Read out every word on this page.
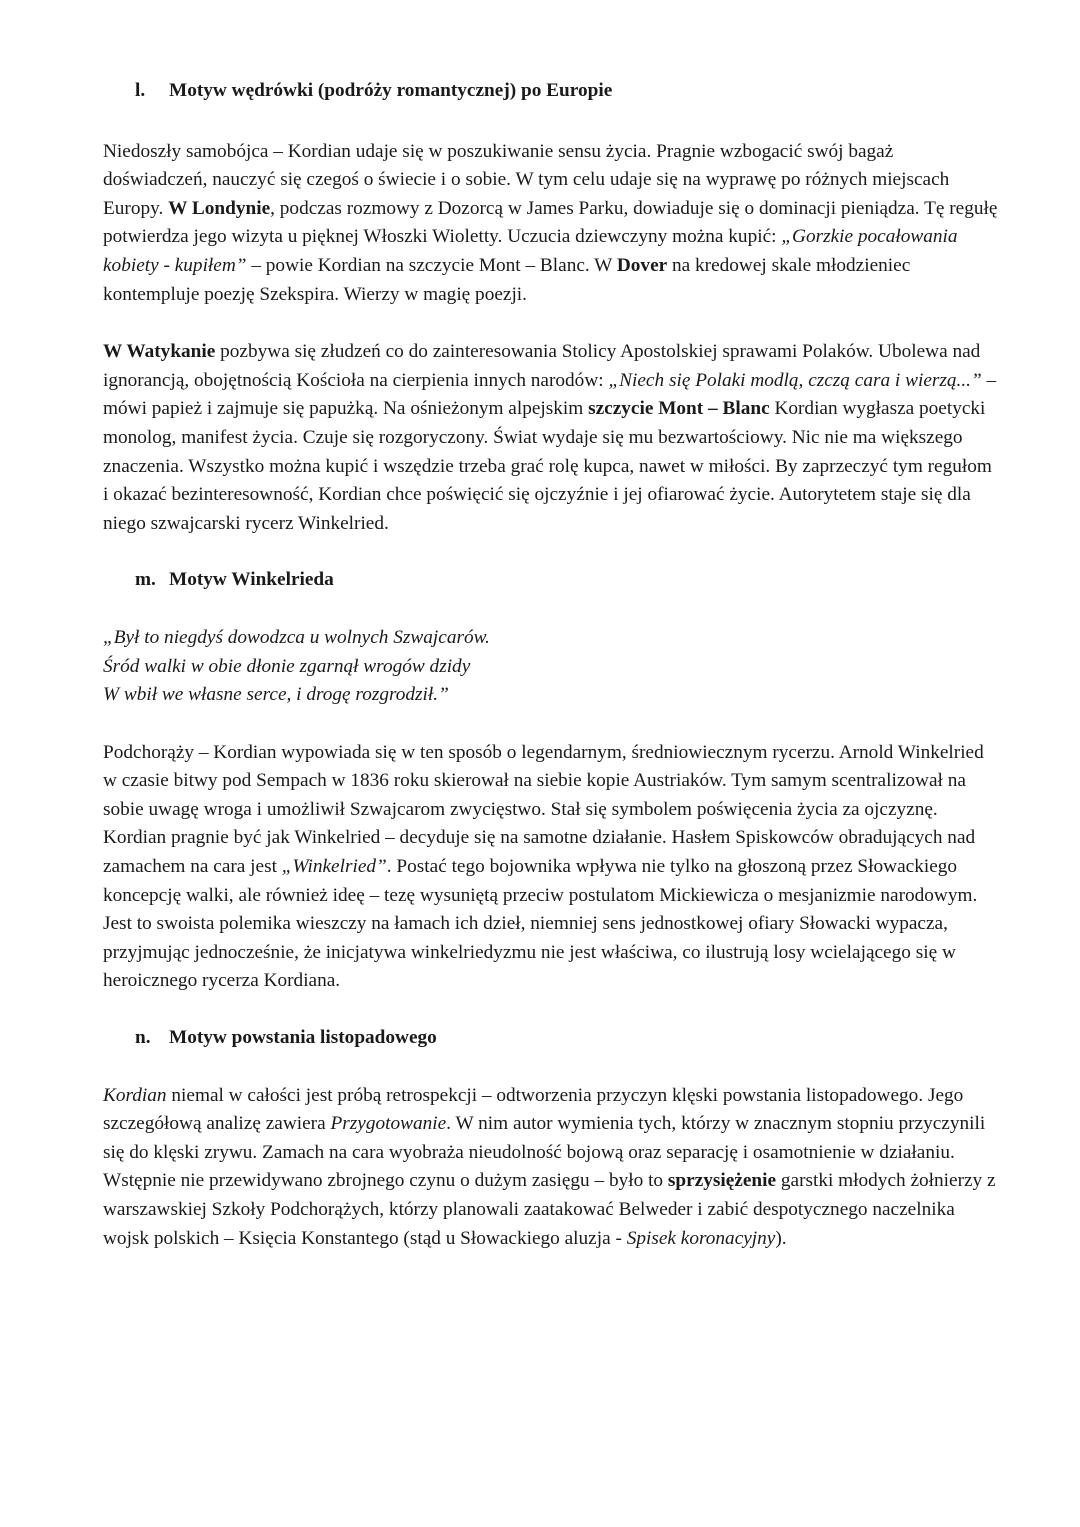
l.	Motyw wędrówki (podróży romantycznej) po Europie

Niedoszły samobójca – Kordian udaje się w poszukiwanie sensu życia. Pragnie wzbogacić swój bagaż doświadczeń, nauczyć się czegoś o świecie i o sobie. W tym celu udaje się na wyprawę po różnych miejscach Europy. W Londynie, podczas rozmowy z Dozorcą w James Parku, dowiaduje się o dominacji pieniądza. Tę regułę potwierdza jego wizyta u pięknej Włoszki Wioletty. Uczucia dziewczyny można kupić: „Gorzkie pocałowania kobiety - kupiłem” – powie Kordian na szczycie Mont – Blanc. W Dover na kredowej skale młodzieniec kontempluje poezję Szekspira. Wierzy w magię poezji.

W Watykanie pozbywa się złudzeń co do zainteresowania Stolicy Apostolskiej sprawami Polaków. Ubolewa nad ignorancją, obojętnością Kościoła na cierpienia innych narodów: „Niech się Polaki modlą, czczą cara i wierzą...” – mówi papież i zajmuje się papużką. Na ośnieżonym alpejskim szczycie Mont – Blanc Kordian wygłasza poetycki monolog, manifest życia. Czuje się rozgoryczony. Świat wydaje się mu bezwartościowy. Nic nie ma większego znaczenia. Wszystko można kupić i wszędzie trzeba grać rolę kupca, nawet w miłości. By zaprzeczyć tym regułom i okazać bezinteresowność, Kordian chce poświęcić się ojczyźnie i jej ofiarować życie. Autorytetem staje się dla niego szwajcarski rycerz Winkelried.

m. Motyw Winkelrieda

„Był to niegdyś dowodzca u wolnych Szwajcarów.

Śród walki w obie dłonie zgarnął wrogów dzidy

W wbił we własne serce, i drogę rozgrodził.”

Podchorąży – Kordian wypowiada się w ten sposób o legendarnym, średniowiecznym rycerzu. Arnold Winkelried w czasie bitwy pod Sempach w 1836 roku skierował na siebie kopie Austriaków. Tym samym scentralizował na sobie uwagę wroga i umożliwił Szwajcarom zwycięstwo. Stał się symbolem poświęcenia życia za ojczyznę. Kordian pragnie być jak Winkelried – decyduje się na samotne działanie. Hasłem Spiskowców obradujących nad zamachem na cara jest „Winkelried”. Postać tego bojownika wpływa nie tylko na głoszoną przez Słowackiego koncepcję walki, ale również ideę – tezę wysuniętą przeciw postulatom Mickiewicza o mesjanizmie narodowym. Jest to swoista polemika wieszczy na łamach ich dzieł, niemniej sens jednostkowej ofiary Słowacki wypacza, przyjmując jednocześnie, że inicjatywa winkelriedyzmu nie jest właściwa, co ilustrują losy wcielającego się w heroicznego rycerza Kordiana.

n. Motyw powstania listopadowego

Kordian niemal w całości jest próbą retrospekcji – odtworzenia przyczyn klęski powstania listopadowego. Jego szczegółową analizę zawiera Przygotowanie. W nim autor wymienia tych, którzy w znacznym stopniu przyczynili się do klęski zrywu. Zamach na cara wyobraża nieudolność bojową oraz separację i osamotnienie w działaniu. Wstępnie nie przewidywano zbrojnego czynu o dużym zasięgu – było to sprzysiężenie garstki młodych żołnierzy z warszawskiej Szkoły Podchorążych, którzy planowali zaatakować Belweder i zabić despotycznego naczelnika wojsk polskich – Księcia Konstantego (stąd u Słowackiego aluzja - Spisek koronacyjny).
